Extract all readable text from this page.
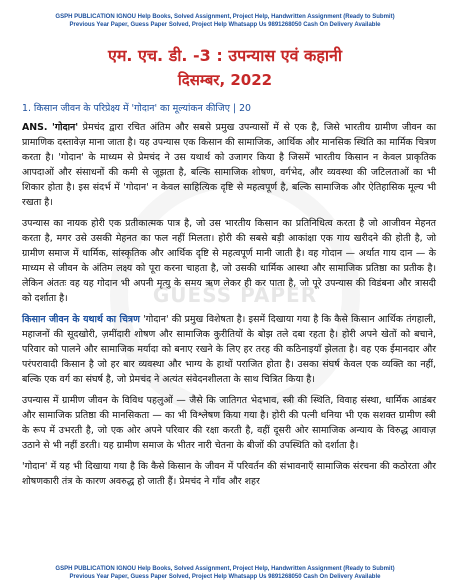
GUESS PAPER
GSPH PUBLICATION IGNOU Help Books, Solved Assignment, Project Help, Handwritten Assignment (Ready to Submit)
Previous Year Paper, Guess Paper Solved, Project Help Whatsapp Us 9891268050 Cash On Delivery Available
एम. एच. डी. -3 : उपन्यास एवं कहानी
दिसम्बर, 2022
1. किसान जीवन के परिप्रेक्ष्य में 'गोदान' का मूल्यांकन कीजिए | 20

ANS. 'गोदान' प्रेमचंद द्वारा रचित अंतिम और सबसे प्रमुख उपन्यासों में से एक है, जिसे भारतीय ग्रामीण जीवन का प्रामाणिक दस्तावेज़ माना जाता है। यह उपन्यास एक किसान की सामाजिक, आर्थिक और मानसिक स्थिति का मार्मिक चित्रण करता है। 'गोदान' के माध्यम से प्रेमचंद ने उस यथार्थ को उजागर किया है जिसमें भारतीय किसान न केवल प्राकृतिक आपदाओं और संसाधनों की कमी से जूझता है, बल्कि सामाजिक शोषण, वर्गभेद, और व्यवस्था की जटिलताओं का भी शिकार होता है। इस संदर्भ में 'गोदान' न केवल साहित्यिक दृष्टि से महत्वपूर्ण है, बल्कि सामाजिक और ऐतिहासिक मूल्य भी रखता है।

उपन्यास का नायक होरी एक प्रतीकात्मक पात्र है, जो उस भारतीय किसान का प्रतिनिधित्व करता है जो आजीवन मेहनत करता है, मगर उसे उसकी मेहनत का फल नहीं मिलता। होरी की सबसे बड़ी आकांक्षा एक गाय खरीदने की होती है, जो ग्रामीण समाज में धार्मिक, सांस्कृतिक और आर्थिक दृष्टि से महत्वपूर्ण मानी जाती है। वह गोदान — अर्थात गाय दान — के माध्यम से जीवन के अंतिम लक्ष्य को पूरा करना चाहता है, जो उसकी धार्मिक आस्था और सामाजिक प्रतिष्ठा का प्रतीक है। लेकिन अंततः वह यह गोदान भी अपनी मृत्यु के समय ऋण लेकर ही कर पाता है, जो पूरे उपन्यास की विडंबना और त्रासदी को दर्शाता है।

किसान जीवन के यथार्थ का चित्रण 'गोदान' की प्रमुख विशेषता है। इसमें दिखाया गया है कि कैसे किसान आर्थिक तंगहाली, महाजनों की सूदखोरी, ज़मींदारी शोषण और सामाजिक कुरीतियों के बोझ तले दबा रहता है। होरी अपने खेतों को बचाने, परिवार को पालने और सामाजिक मर्यादा को बनाए रखने के लिए हर तरह की कठिनाइयाँ झेलता है। वह एक ईमानदार और परंपरावादी किसान है जो हर बार व्यवस्था और भाग्य के हाथों पराजित होता है। उसका संघर्ष केवल एक व्यक्ति का नहीं, बल्कि एक वर्ग का संघर्ष है, जो प्रेमचंद ने अत्यंत संवेदनशीलता के साथ चित्रित किया है।

उपन्यास में ग्रामीण जीवन के विविध पहलुओं — जैसे कि जातिगत भेदभाव, स्त्री की स्थिति, विवाह संस्था, धार्मिक आडंबर और सामाजिक प्रतिष्ठा की मानसिकता — का भी विश्लेषण किया गया है। होरी की पत्नी धनिया भी एक सशक्त ग्रामीण स्त्री के रूप में उभरती है, जो एक ओर अपने परिवार की रक्षा करती है, वहीं दूसरी ओर सामाजिक अन्याय के विरुद्ध आवाज़ उठाने से भी नहीं डरती। यह ग्रामीण समाज के भीतर नारी चेतना के बीजों की उपस्थिति को दर्शाता है।

'गोदान' में यह भी दिखाया गया है कि कैसे किसान के जीवन में परिवर्तन की संभावनाएँ सामाजिक संरचना की कठोरता और शोषणकारी तंत्र के कारण अवरुद्ध हो जाती हैं। प्रेमचंद ने गाँव और शहर

GSPH PUBLICATION IGNOU Help Books, Solved Assignment, Project Help, Handwritten Assignment (Ready to Submit)
Previous Year Paper, Guess Paper Solved, Project Help Whatsapp Us 9891268050 Cash On Delivery Available
